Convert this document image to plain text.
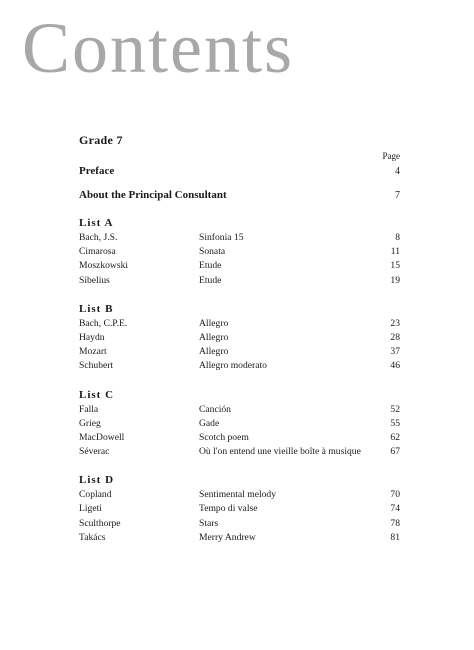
Contents
Grade 7
Page
Preface	4
About the Principal Consultant	7
List A
Bach, J.S.	Sinfonia 15	8
Cimarosa	Sonata	11
Moszkowski	Etude	15
Sibelius	Etude	19
List B
Bach, C.P.E.	Allegro	23
Haydn	Allegro	28
Mozart	Allegro	37
Schubert	Allegro moderato	46
List C
Falla	Canción	52
Grieg	Gade	55
MacDowell	Scotch poem	62
Séverac	Où l'on entend une vieille boîte à musique	67
List D
Copland	Sentimental melody	70
Ligeti	Tempo di valse	74
Sculthorpe	Stars	78
Takács	Merry Andrew	81
